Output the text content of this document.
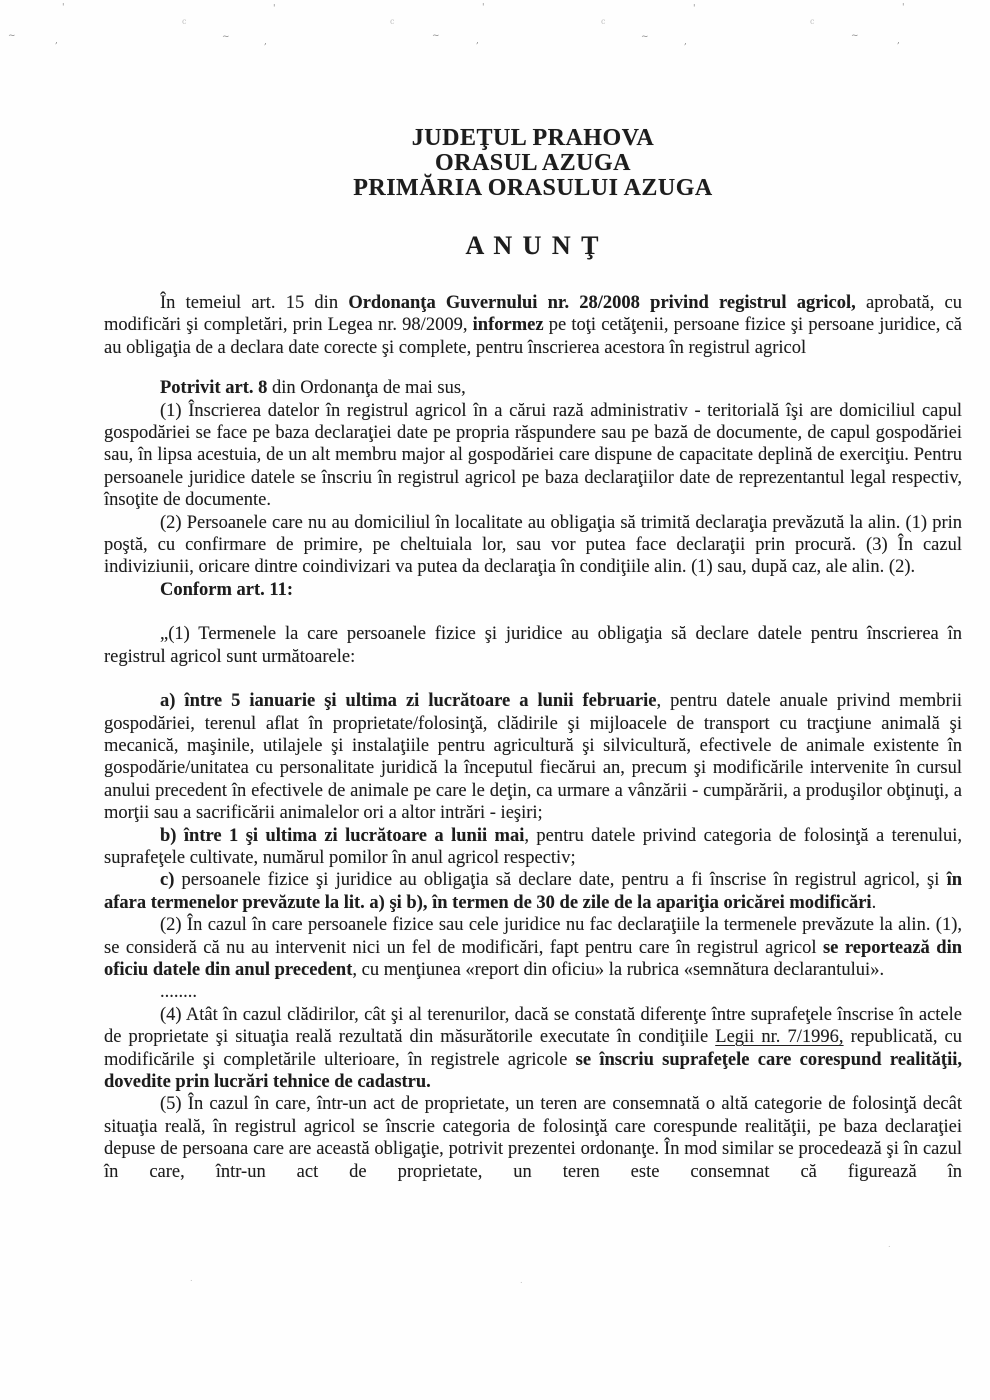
'	'	'	'	'
c	c	c	c
~	~	~	~	~
,	,	,	,	,
.
.
.
JUDEŢUL PRAHOVA
ORASUL AZUGA
PRIMĂRIA ORASULUI AZUGA
A N U N Ţ

În temeiul art. 15 din Ordonanţa Guvernului nr. 28/2008 privind registrul agricol, aprobată, cu modificări şi completări, prin Legea nr. 98/2009, informez pe toţi cetăţenii, persoane fizice şi persoane juridice, că au obligaţia de a declara date corecte şi complete, pentru înscrierea acestora în registrul agricol

Potrivit art. 8 din Ordonanţa de mai sus,

(1) Înscrierea datelor în registrul agricol în a cărui rază administrativ - teritorială îşi are domiciliul capul gospodăriei se face pe baza declaraţiei date pe propria răspundere sau pe bază de documente, de capul gospodăriei sau, în lipsa acestuia, de un alt membru major al gospodăriei care dispune de capacitate deplină de exerciţiu. Pentru persoanele juridice datele se înscriu în registrul agricol pe baza declaraţiilor date de reprezentantul legal respectiv, însoţite de documente.

(2) Persoanele care nu au domiciliul în localitate au obligaţia să trimită declaraţia prevăzută la alin. (1) prin poştă, cu confirmare de primire, pe cheltuiala lor, sau vor putea face declaraţii prin procură. (3) În cazul indiviziunii, oricare dintre coindivizari va putea da declaraţia în condiţiile alin. (1) sau, după caz, ale alin. (2).

Conform art. 11:

„(1) Termenele la care persoanele fizice şi juridice au obligaţia să declare datele pentru înscrierea în registrul agricol sunt următoarele:

a) între 5 ianuarie şi ultima zi lucrătoare a lunii februarie, pentru datele anuale privind membrii gospodăriei, terenul aflat în proprietate/folosinţă, clădirile şi mijloacele de transport cu tracţiune animală şi mecanică, maşinile, utilajele şi instalaţiile pentru agricultură şi silvicultură, efectivele de animale existente în gospodărie/unitatea cu personalitate juridică la începutul fiecărui an, precum şi modificările intervenite în cursul anului precedent în efectivele de animale pe care le deţin, ca urmare a vânzării - cumpărării, a produşilor obţinuţi, a morţii sau a sacrificării animalelor ori a altor intrări - ieşiri;

b) între 1 şi ultima zi lucrătoare a lunii mai, pentru datele privind categoria de folosinţă a terenului, suprafeţele cultivate, numărul pomilor în anul agricol respectiv;

c) persoanele fizice şi juridice au obligaţia să declare date, pentru a fi înscrise în registrul agricol, şi în afara termenelor prevăzute la lit. a) şi b), în termen de 30 de zile de la apariţia oricărei modificări.

(2) În cazul în care persoanele fizice sau cele juridice nu fac declaraţiile la termenele prevăzute la alin. (1), se consideră că nu au intervenit nici un fel de modificări, fapt pentru care în registrul agricol se reportează din oficiu datele din anul precedent, cu menţiunea «report din oficiu» la rubrica «semnătura declarantului».

........

(4) Atât în cazul clădirilor, cât şi al terenurilor, dacă se constată diferenţe între suprafeţele înscrise în actele de proprietate şi situaţia reală rezultată din măsurătorile executate în condiţiile Legii nr. 7/1996, republicată, cu modificările şi completările ulterioare, în registrele agricole se înscriu suprafeţele care corespund realităţii, dovedite prin lucrări tehnice de cadastru.

(5) În cazul în care, într-un act de proprietate, un teren are consemnată o altă categorie de folosinţă decât situaţia reală, în registrul agricol se înscrie categoria de folosinţă care corespunde realităţii, pe baza declaraţiei depuse de persoana care are această obligaţie, potrivit prezentei ordonanţe. În mod similar se procedează şi în cazul în care, într-un act de proprietate, un teren este consemnat că figurează în
